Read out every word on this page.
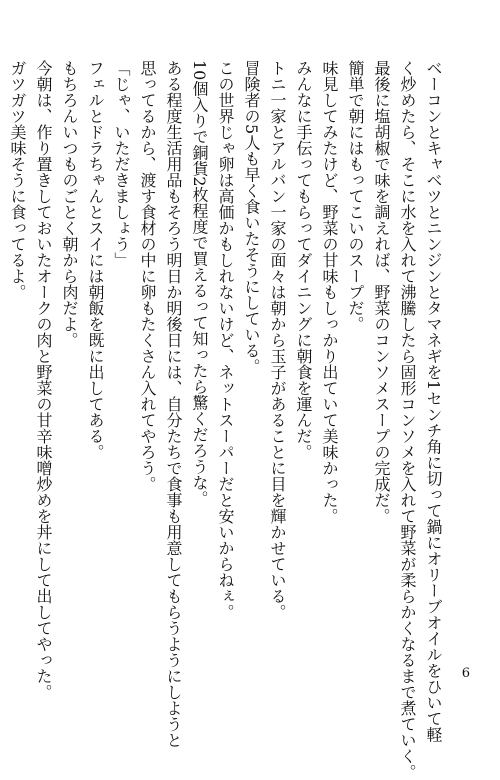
ベーコンとキャベツとニンジンとタマネギを1センチ角に切って鍋にオリーブオイルをひいて軽
く炒めたら、そこに水を入れて沸騰したら固形コンソメを入れて野菜が柔らかくなるまで煮ていく。
最後に塩胡椒で味を調えれば、野菜のコンソメスープの完成だ。
簡単で朝にはもってこいのスープだ。
味見してみたけど、野菜の甘味もしっかり出ていて美味かった。
みんなに手伝ってもらってダイニングに朝食を運んだ。
トニ一家とアルバン一家の面々は朝から玉子があることに目を輝かせている。
冒険者の5人も早く食いたそうにしている。
この世界じゃ卵は高価かもしれないけど、ネットスーパーだと安いからねぇ。
10個入りで銅貨2枚程度で買えるって知ったら驚くだろうな。
ある程度生活用品もそろう明日か明後日には、自分たちで食事も用意してもらうようにしようと
思ってるから、渡す食材の中に卵もたくさん入れてやろう。
「じゃ、いただきましょう」
フェルとドラちゃんとスイには朝飯を既に出してある。
もちろんいつものごとく朝から肉だよ。
今朝は、作り置きしておいたオークの肉と野菜の甘辛味噌炒めを丼にして出してやった。
ガツガツ美味そうに食ってるよ。
6
